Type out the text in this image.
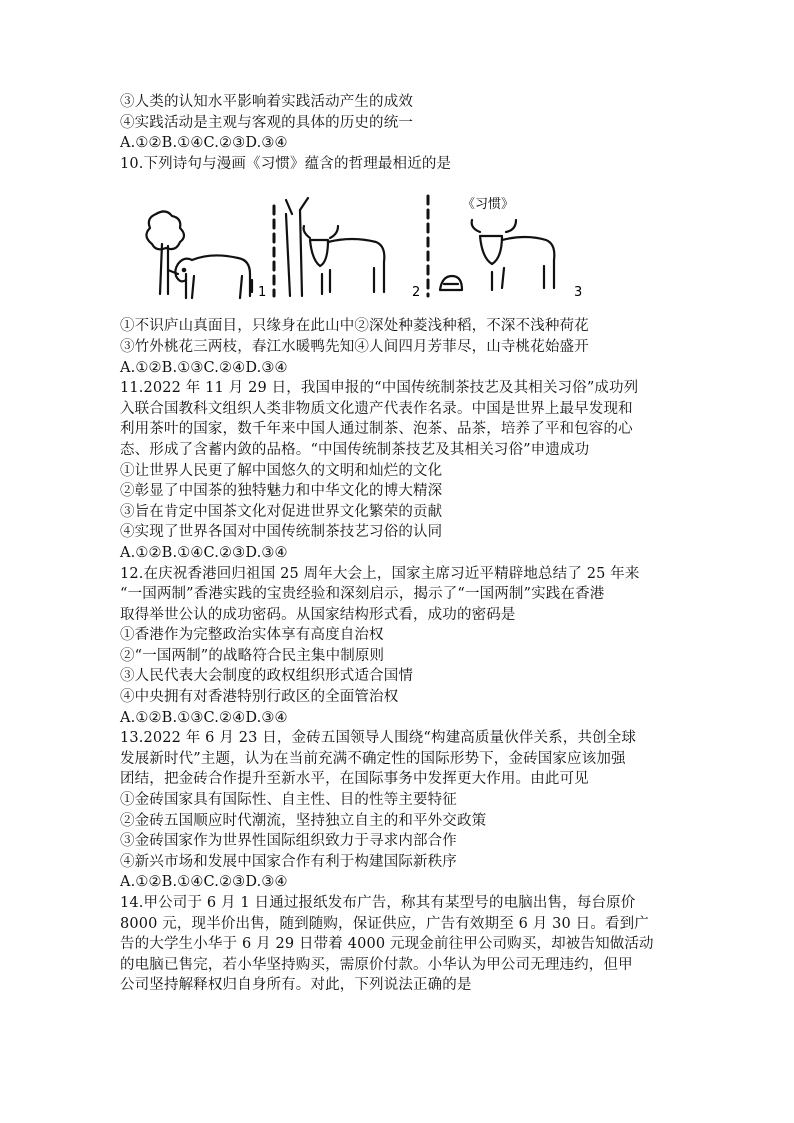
③人类的认知水平影响着实践活动产生的成效
④实践活动是主观与客观的具体的历史的统一
A.①②B.①④C.②③D.③④
10.下列诗句与漫画《习惯》蕴含的哲理最相近的是
《习惯》
1	2	3
①不识庐山真面目，只缘身在此山中②深处种菱浅种稻，不深不浅种荷花
③竹外桃花三两枝，春江水暖鸭先知④人间四月芳菲尽，山寺桃花始盛开
A.①②B.①③C.②④D.③④
11.2022 年 11 月 29 日，我国申报的“中国传统制茶技艺及其相关习俗”成功列
入联合国教科文组织人类非物质文化遗产代表作名录。中国是世界上最早发现和
利用茶叶的国家，数千年来中国人通过制茶、泡茶、品茶，培养了平和包容的心
态、形成了含蓄内敛的品格。“中国传统制茶技艺及其相关习俗”申遗成功
①让世界人民更了解中国悠久的文明和灿烂的文化
②彰显了中国茶的独特魅力和中华文化的博大精深
③旨在肯定中国茶文化对促进世界文化繁荣的贡献
④实现了世界各国对中国传统制茶技艺习俗的认同
A.①②B.①④C.②③D.③④
12.在庆祝香港回归祖国 25 周年大会上，国家主席习近平精辟地总结了 25 年来
“一国两制”香港实践的宝贵经验和深刻启示，揭示了“一国两制”实践在香港
取得举世公认的成功密码。从国家结构形式看，成功的密码是
①香港作为完整政治实体享有高度自治权
②“一国两制”的战略符合民主集中制原则
③人民代表大会制度的政权组织形式适合国情
④中央拥有对香港特别行政区的全面管治权
A.①②B.①③C.②④D.③④
13.2022 年 6 月 23 日，金砖五国领导人围绕“构建高质量伙伴关系，共创全球
发展新时代”主题，认为在当前充满不确定性的国际形势下，金砖国家应该加强
团结，把金砖合作提升至新水平，在国际事务中发挥更大作用。由此可见
①金砖国家具有国际性、自主性、目的性等主要特征
②金砖五国顺应时代潮流，坚持独立自主的和平外交政策
③金砖国家作为世界性国际组织致力于寻求内部合作
④新兴市场和发展中国家合作有利于构建国际新秩序
A.①②B.①④C.②③D.③④
14.甲公司于 6 月 1 日通过报纸发布广告，称其有某型号的电脑出售，每台原价
8000 元，现半价出售，随到随购，保证供应，广告有效期至 6 月 30 日。看到广
告的大学生小华于 6 月 29 日带着 4000 元现金前往甲公司购买，却被告知做活动
的电脑已售完，若小华坚持购买，需原价付款。小华认为甲公司无理违约，但甲
公司坚持解释权归自身所有。对此，下列说法正确的是
